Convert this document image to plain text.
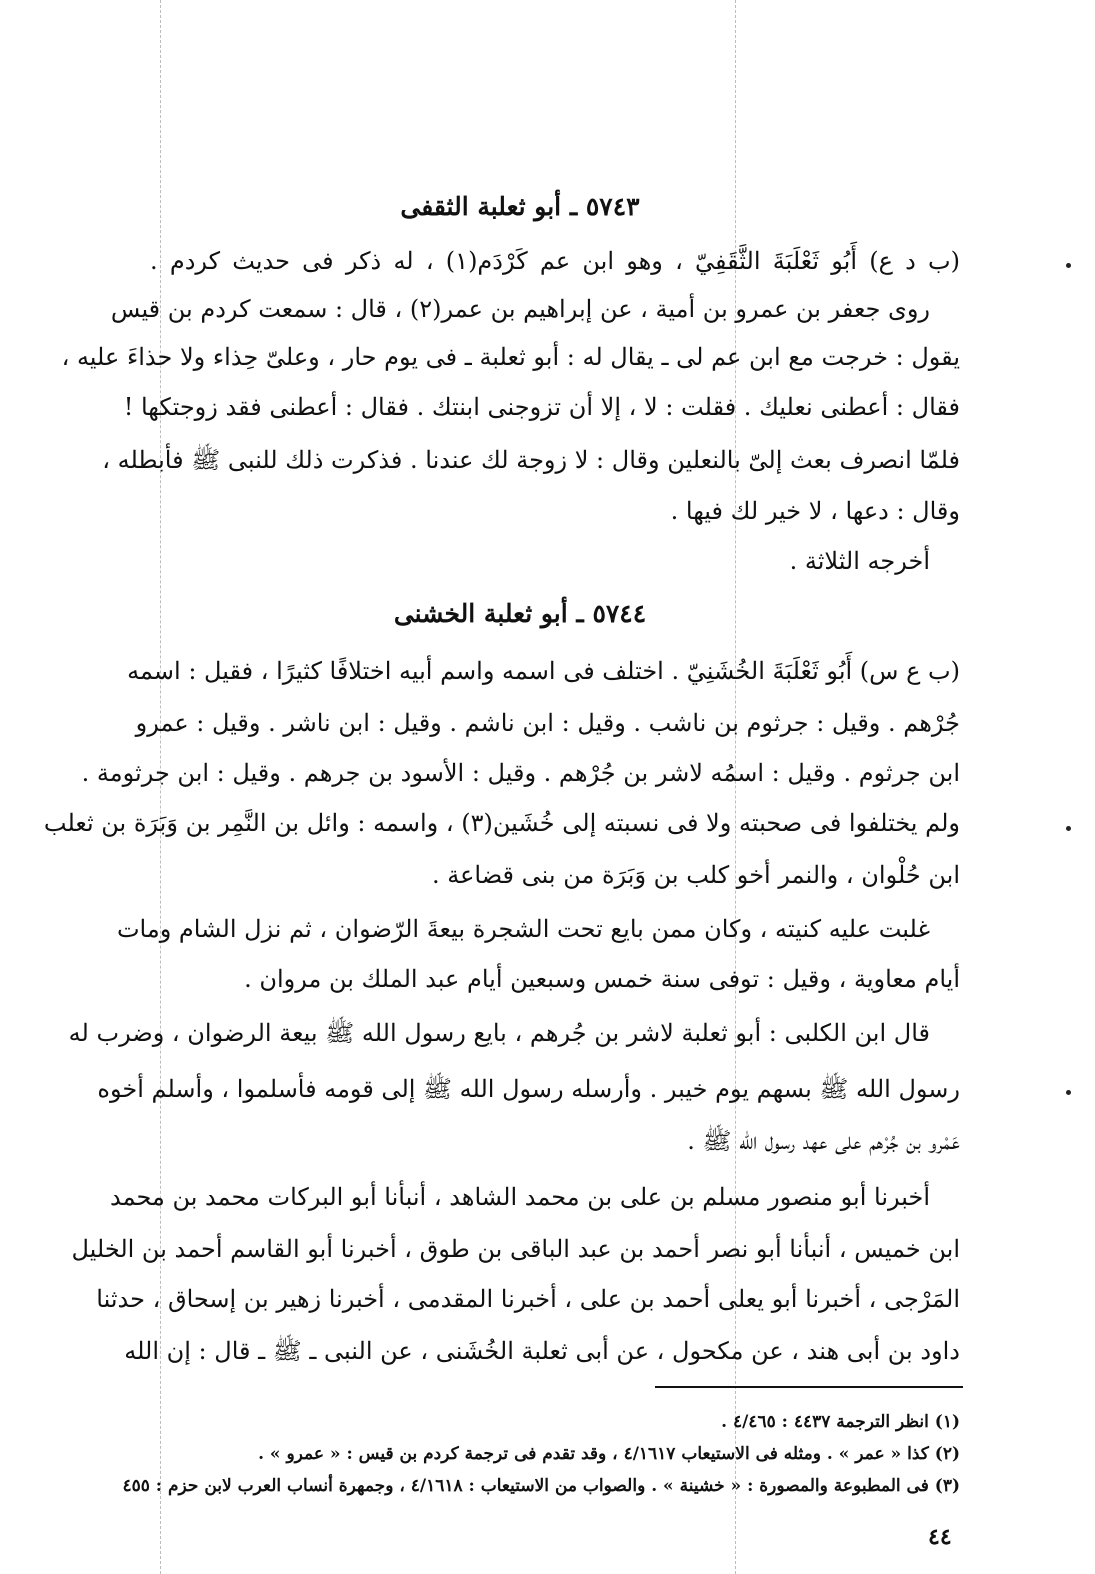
٥٧٤٣ ـ أبو ثعلبة الثقفى
(ب د ع) أَبُو ثَعْلَبَةَ الثَّقَفِيّ ، وهو ابن عم كَرْدَم(١) ، له ذكر فى حديث كردم .
روى جعفر بن عمرو بن أمية ، عن إبراهيم بن عمر(٢) ، قال : سمعت كردم بن قيس
يقول : خرجت مع ابن عم لى ـ يقال له : أبو ثعلبة ـ فى يوم حار ، وعلىّ حِذاء ولا حذاءَ عليه ،
فقال : أعطنى نعليك . فقلت : لا ، إلا أن تزوجنى ابنتك . فقال : أعطنى فقد زوجتكها !
فلمّا انصرف بعث إلىّ بالنعلين وقال : لا زوجة لك عندنا . فذكرت ذلك للنبى ﷺ فأبطله ،
وقال : دعها ، لا خير لك فيها .
أخرجه الثلاثة .
٥٧٤٤ ـ أبو ثعلبة الخشنى
(ب ع س) أَبُو ثَعْلَبَةَ الخُشَنِيّ . اختلف فى اسمه واسم أبيه اختلافًا كثيرًا ، فقيل : اسمه
جُرْهم . وقيل : جرثوم بن ناشب . وقيل : ابن ناشم . وقيل : ابن ناشر . وقيل : عمرو
ابن جرثوم . وقيل : اسمُه لاشر بن جُرْهم . وقيل : الأسود بن جرهم . وقيل : ابن جرثومة .
ولم يختلفوا فى صحبته ولا فى نسبته إلى خُشَين(٣) ، واسمه : وائل بن النَّمِر بن وَبَرَة بن ثعلب
ابن حُلْوان ، والنمر أخو كلب بن وَبَرَة من بنى قضاعة .
غلبت عليه كنيته ، وكان ممن بايع تحت الشجرة بيعةَ الرّضوان ، ثم نزل الشام ومات
أيام معاوية ، وقيل : توفى سنة خمس وسبعين أيام عبد الملك بن مروان .
قال ابن الكلبى : أبو ثعلبة لاشر بن جُرهم ، بايع رسول الله ﷺ بيعة الرضوان ، وضرب له
رسول الله ﷺ بسهم يوم خيبر . وأرسله رسول الله ﷺ إلى قومه فأسلموا ، وأسلم أخوه
عَمْرو بن جُرْهم على عهد رسول الله ﷺ .
أخبرنا أبو منصور مسلم بن على بن محمد الشاهد ، أنبأنا أبو البركات محمد بن محمد
ابن خميس ، أنبأنا أبو نصر أحمد بن عبد الباقى بن طوق ، أخبرنا أبو القاسم أحمد بن الخليل
المَرْجى ، أخبرنا أبو يعلى أحمد بن على ، أخبرنا المقدمى ، أخبرنا زهير بن إسحاق ، حدثنا
داود بن أبى هند ، عن مكحول ، عن أبى ثعلبة الخُشَنى ، عن النبى ـ ﷺ ـ قال : إن الله
(١) انظر الترجمة ٤٤٣٧ : ٤/٤٦٥ .
(٢) كذا « عمر » . ومثله فى الاستيعاب ٤/١٦١٧ ، وقد تقدم فى ترجمة كردم بن قيس : « عمرو » .
(٣) فى المطبوعة والمصورة : « خشينة » . والصواب من الاستيعاب : ٤/١٦١٨ ، وجمهرة أنساب العرب لابن حزم : ٤٥٥
٤٤
